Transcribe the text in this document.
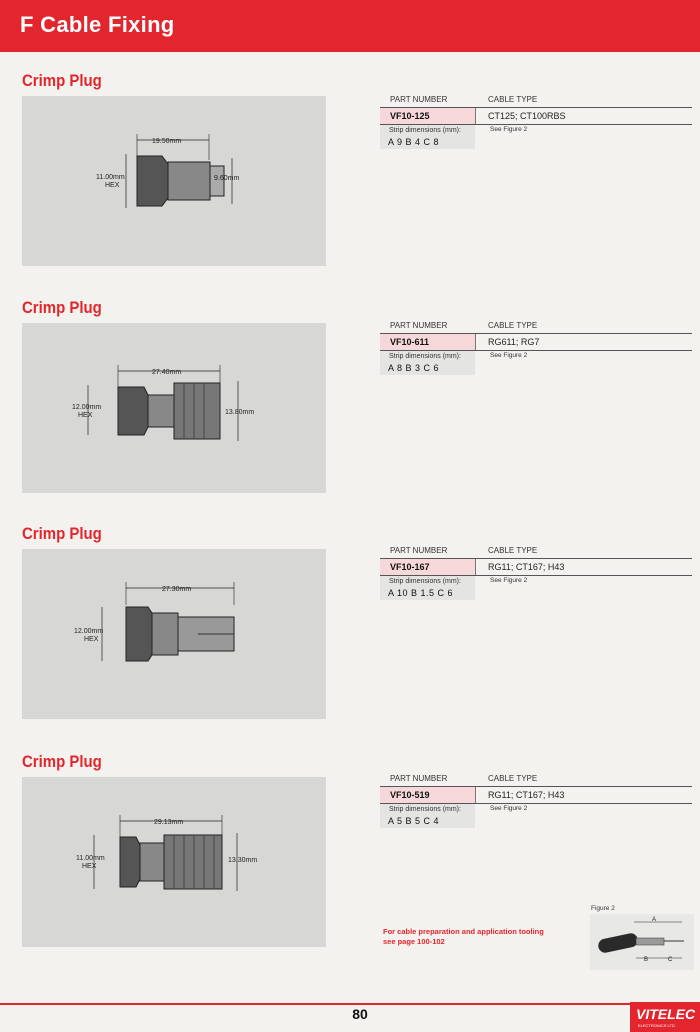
F Cable Fixing
Crimp Plug
19.50mm
11.00mm
HEX
9.60mm
PART NUMBER	CABLE TYPE
VF10-125	CT125; CT100RBS
Strip dimensions (mm):
A 9 B 4 C 8
See Figure 2
Crimp Plug
27.40mm
12.00mm
HEX	13.80mm
PART NUMBER	CABLE TYPE
VF10-611	RG611; RG7
Strip dimensions (mm):
A 8 B 3 C 6
See Figure 2
Crimp Plug
27.30mm
12.00mm
HEX
PART NUMBER	CABLE TYPE
VF10-167	RG11; CT167; H43
Strip dimensions (mm):
A 10 B 1.5 C 6
See Figure 2
Crimp Plug
29.13mm
11.00mm
HEX
13.30mm
PART NUMBER	CABLE TYPE
VF10-519	RG11; CT167; H43
Strip dimensions (mm):
A 5 B 5 C 4
See Figure 2
For cable preparation and application tooling
see page 100-102
Figure 2
A
B	C
80	VITELEC
ELECTRONICS LTD
